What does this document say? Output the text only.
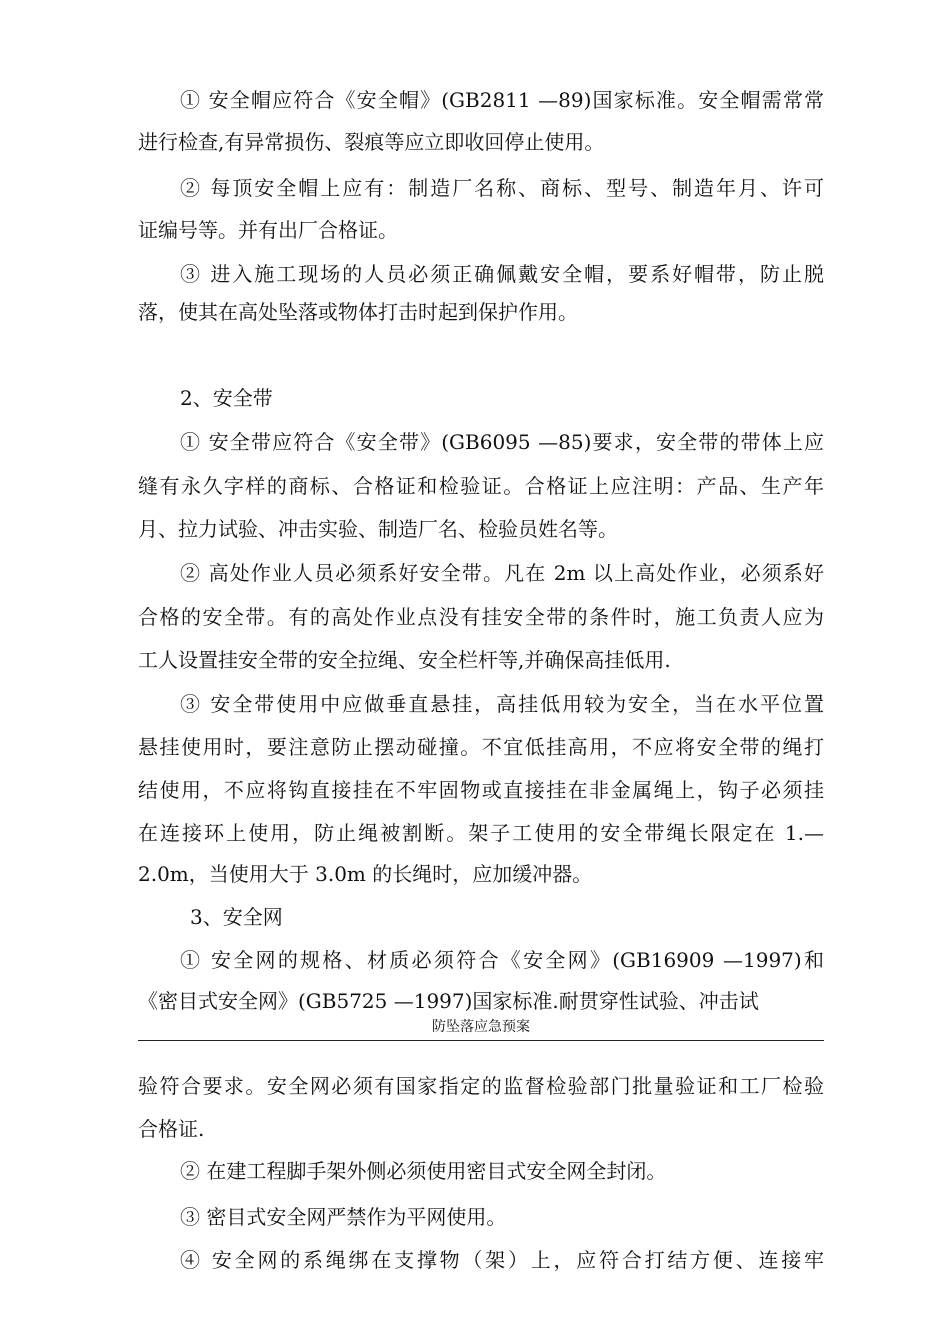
① 安全帽应符合《安全帽》(GB2811 —89)国家标准。安全帽需常常
进行检查,有异常损伤、裂痕等应立即收回停止使用。
② 每顶安全帽上应有：制造厂名称、商标、型号、制造年月、许可
证编号等。并有出厂合格证。
③ 进入施工现场的人员必须正确佩戴安全帽，要系好帽带，防止脱
落，使其在高处坠落或物体打击时起到保护作用。
2、安全带
① 安全带应符合《安全带》(GB6095 —85)要求，安全带的带体上应
缝有永久字样的商标、合格证和检验证。合格证上应注明：产品、生产年
月、拉力试验、冲击实验、制造厂名、检验员姓名等。
② 高处作业人员必须系好安全带。凡在 2m 以上高处作业，必须系好
合格的安全带。有的高处作业点没有挂安全带的条件时，施工负责人应为
工人设置挂安全带的安全拉绳、安全栏杆等,并确保高挂低用.
③ 安全带使用中应做垂直悬挂，高挂低用较为安全，当在水平位置
悬挂使用时，要注意防止摆动碰撞。不宜低挂高用，不应将安全带的绳打
结使用，不应将钩直接挂在不牢固物或直接挂在非金属绳上，钩子必须挂
在连接环上使用，防止绳被割断。架子工使用的安全带绳长限定在 1.—
2.0m，当使用大于 3.0m 的长绳时，应加缓冲器。
3、安全网
① 安全网的规格、材质必须符合《安全网》(GB16909 —1997)和
《密目式安全网》(GB5725 —1997)国家标准.耐贯穿性试验、冲击试
防坠落应急预案
验符合要求。安全网必须有国家指定的监督检验部门批量验证和工厂检验
合格证.
② 在建工程脚手架外侧必须使用密目式安全网全封闭。
③ 密目式安全网严禁作为平网使用。
④ 安全网的系绳绑在支撑物（架）上，应符合打结方便、连接牢
